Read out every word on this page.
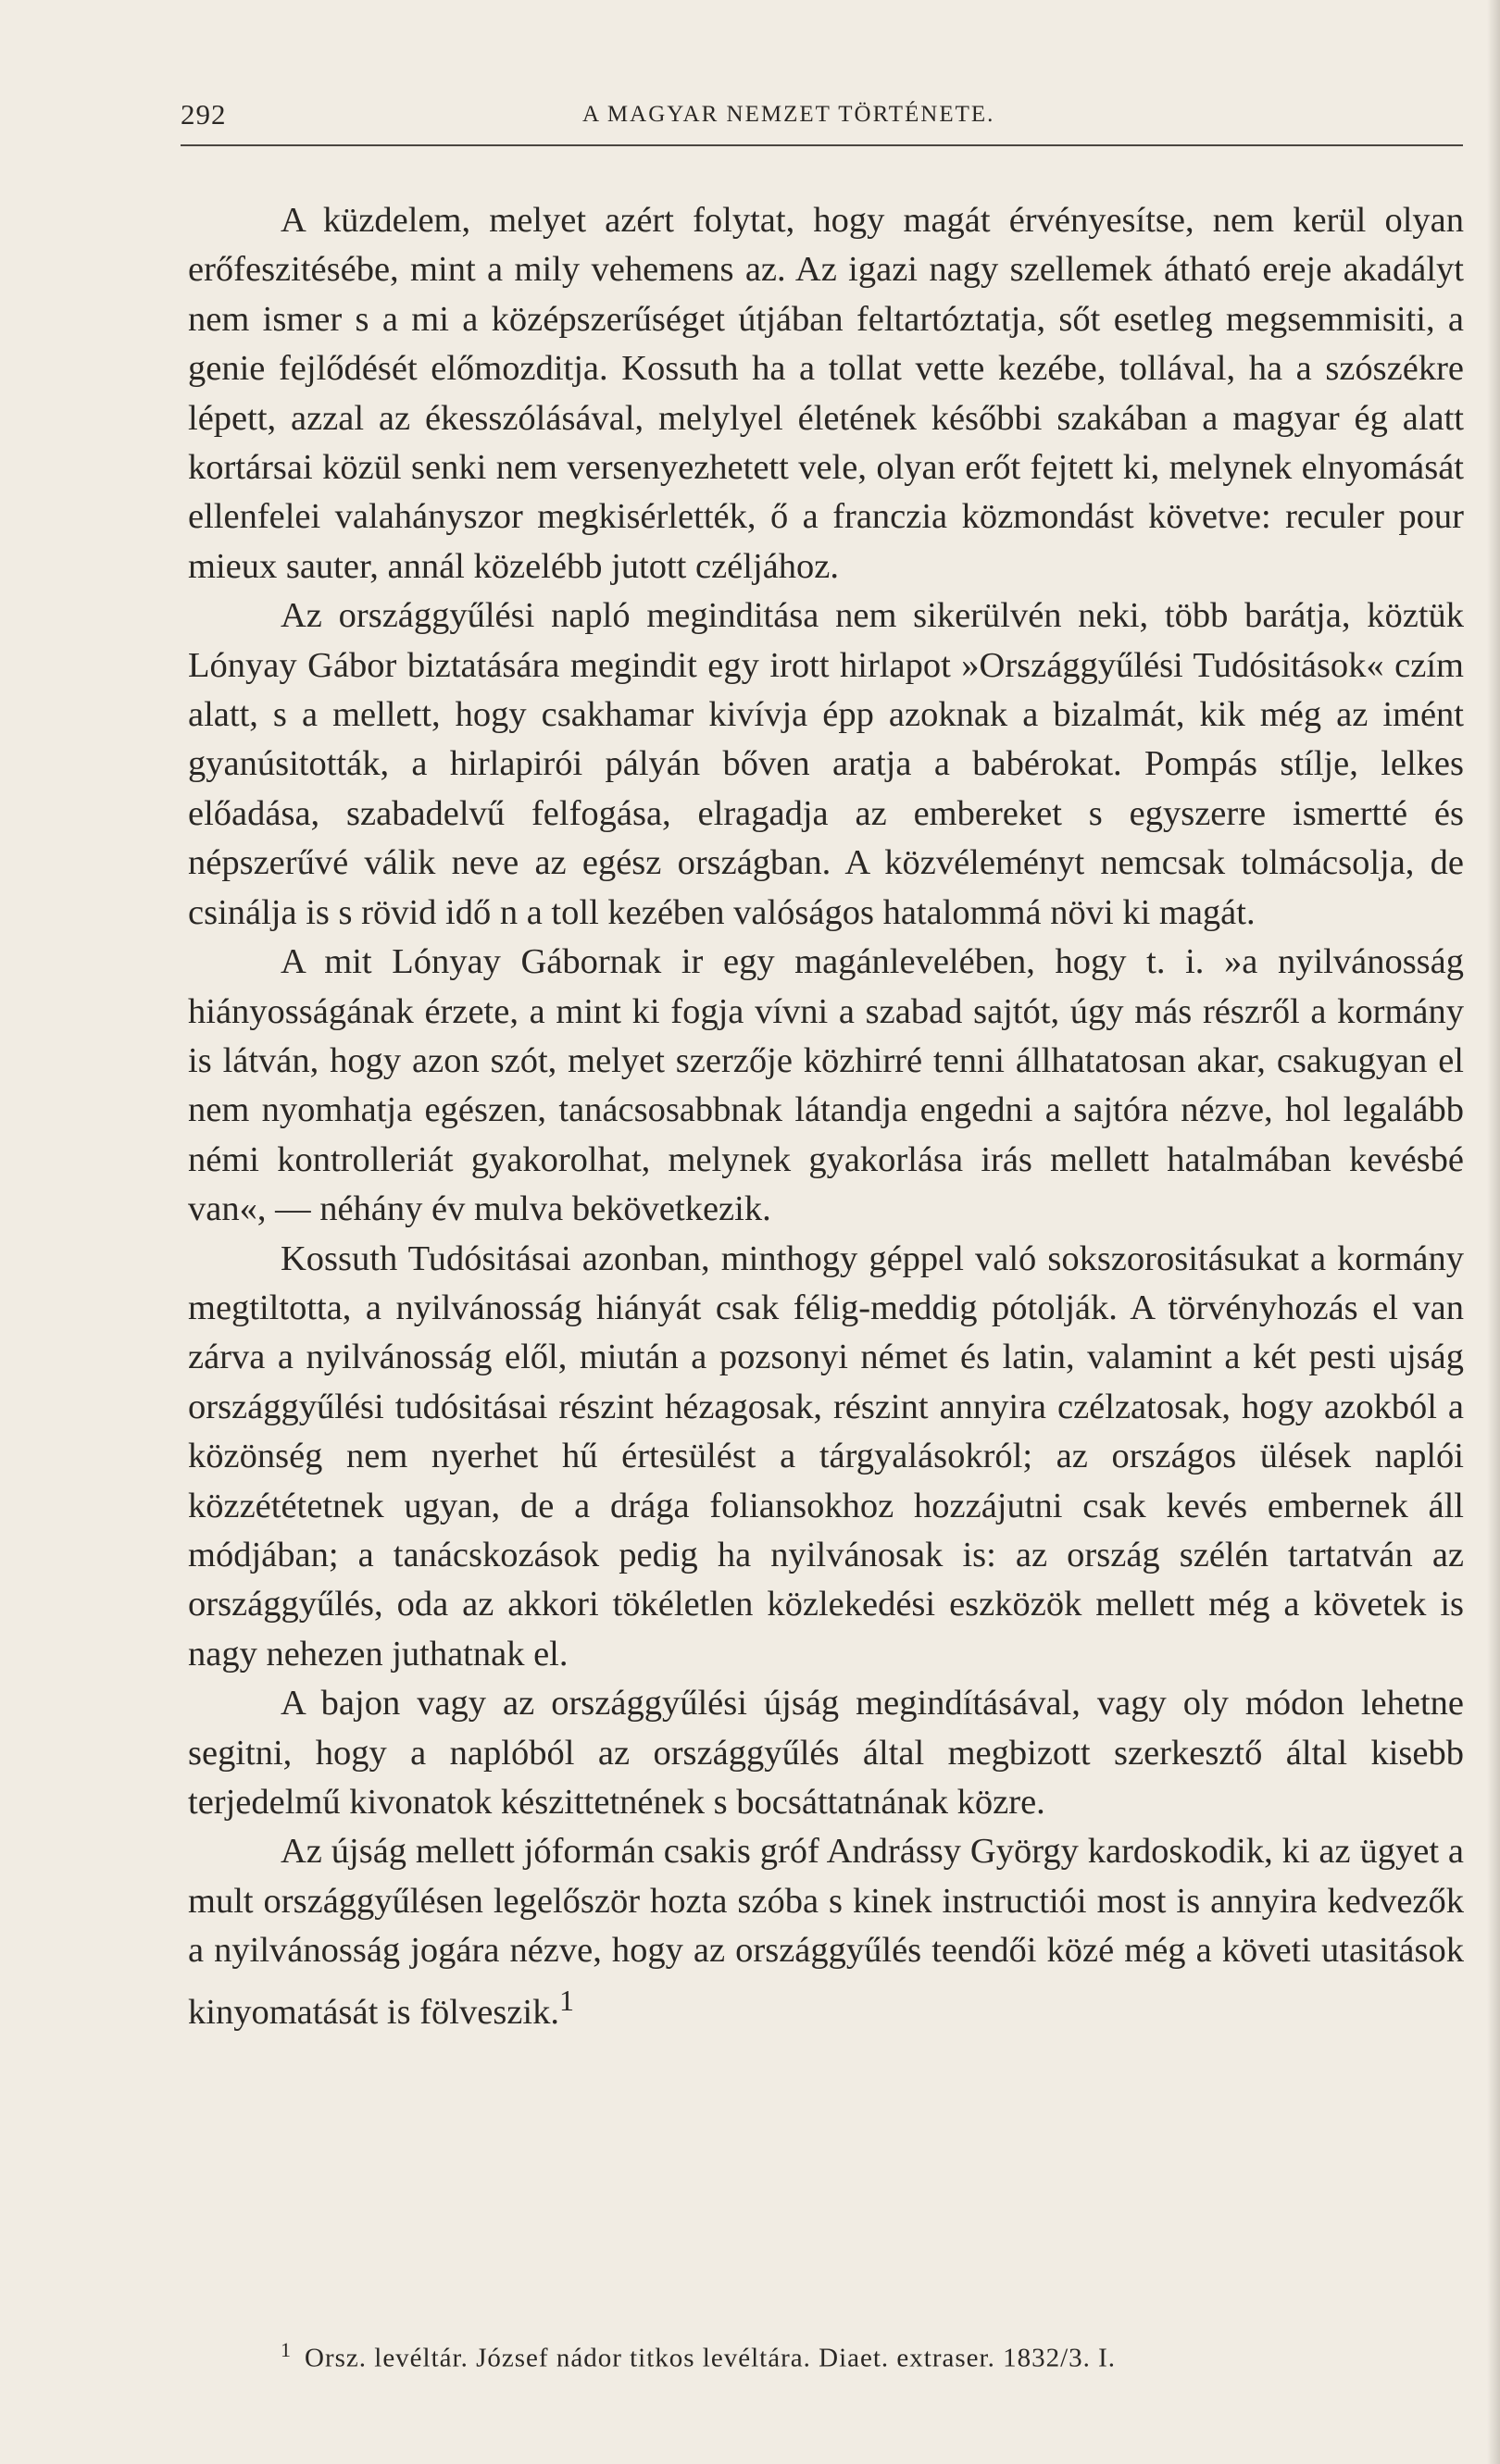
292	A MAGYAR NEMZET TÖRTÉNETE.

A küzdelem, melyet azért folytat, hogy magát érvényesítse, nem kerül olyan erőfeszitésébe, mint a mily vehemens az. Az igazi nagy szellemek átható ereje akadályt nem ismer s a mi a középszerűséget útjában feltartóztatja, sőt esetleg megsemmisiti, a genie fejlődését előmozditja. Kossuth ha a tollat vette kezébe, tollával, ha a szószékre lépett, azzal az ékesszólásával, melylyel életének későbbi szakában a magyar ég alatt kortársai közül senki nem versenyezhetett vele, olyan erőt fejtett ki, melynek elnyomását ellenfelei valahányszor megkisérlették, ő a franczia közmondást követve: reculer pour mieux sauter, annál közelébb jutott czéljához.

Az országgyűlési napló meginditása nem sikerülvén neki, több barátja, köztük Lónyay Gábor biztatására megindit egy irott hirlapot »Országgyűlési Tudósitások« czím alatt, s a mellett, hogy csakhamar kivívja épp azoknak a bizalmát, kik még az imént gyanúsitották, a hirlapirói pályán bőven aratja a babérokat. Pompás stílje, lelkes előadása, szabadelvű felfogása, elragadja az embereket s egyszerre ismertté és népszerűvé válik neve az egész országban. A közvéleményt nemcsak tolmácsolja, de csinálja is s rövid idő n a toll kezében valóságos hatalommá növi ki magát.

A mit Lónyay Gábornak ir egy magánlevelében, hogy t. i. »a nyilvánosság hiányosságának érzete, a mint ki fogja vívni a szabad sajtót, úgy más részről a kormány is látván, hogy azon szót, melyet szerzője közhirré tenni állhatatosan akar, csakugyan el nem nyomhatja egészen, tanácsosabbnak látandja engedni a sajtóra nézve, hol legalább némi kontrolleriát gyakorolhat, melynek gyakorlása irás mellett hatalmában kevésbé van«, — néhány év mulva bekövetkezik.

Kossuth Tudósitásai azonban, minthogy géppel való sokszorositásukat a kormány megtiltotta, a nyilvánosság hiányát csak félig-meddig pótolják. A törvényhozás el van zárva a nyilvánosság elől, miután a pozsonyi német és latin, valamint a két pesti ujság országgyűlési tudósitásai részint hézagosak, részint annyira czélzatosak, hogy azokból a közönség nem nyerhet hű értesülést a tárgyalásokról; az országos ülések naplói közzététetnek ugyan, de a drága foliansokhoz hozzájutni csak kevés embernek áll módjában; a tanácskozások pedig ha nyilvánosak is: az ország szélén tartatván az országgyűlés, oda az akkori tökéletlen közlekedési eszközök mellett még a követek is nagy nehezen juthatnak el.

A bajon vagy az országgyűlési újság megindításával, vagy oly módon lehetne segitni, hogy a naplóból az országgyűlés által megbizott szerkesztő által kisebb terjedelmű kivonatok készittetnének s bocsáttatnának közre.

Az újság mellett jóformán csakis gróf Andrássy György kardoskodik, ki az ügyet a mult országgyűlésen legelőször hozta szóba s kinek instructiói most is annyira kedvezők a nyilvánosság jogára nézve, hogy az országgyűlés teendői közé még a követi utasitások kinyomatását is fölveszik.$^1$

$^1$ Orsz. levéltár. József nádor titkos levéltára. Diaet. extraser. 1832/3. I.
